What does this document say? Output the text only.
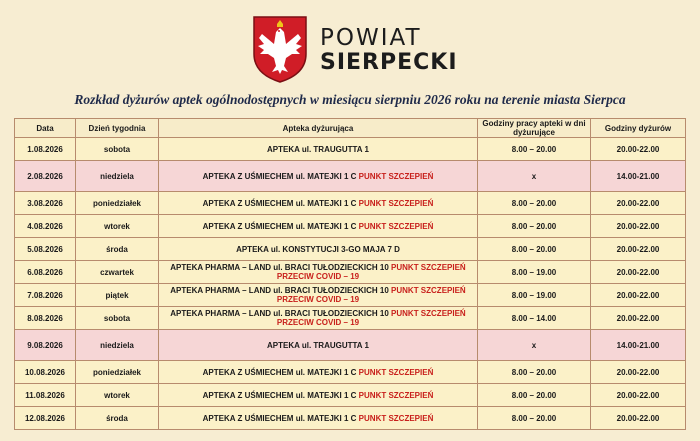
POWIAT
SIERPECKI
Rozkład dyżurów aptek ogólnodostępnych w miesiącu sierpniu 2026 roku na terenie miasta Sierpca
Data	Dzień tygodnia	Apteka dyżurująca	Godziny pracy apteki w dni dyżurujące	Godziny dyżurów
1.08.2026	sobota	APTEKA ul. TRAUGUTTA 1	8.00 – 20.00	20.00-22.00
2.08.2026	niedziela	APTEKA Z UŚMIECHEM ul. MATEJKI 1 C PUNKT SZCZEPIEŃ	x	14.00-21.00
3.08.2026	poniedziałek	APTEKA Z UŚMIECHEM ul. MATEJKI 1 C PUNKT SZCZEPIEŃ	8.00 – 20.00	20.00-22.00
4.08.2026	wtorek	APTEKA Z UŚMIECHEM ul. MATEJKI 1 C PUNKT SZCZEPIEŃ	8.00 – 20.00	20.00-22.00
5.08.2026	środa	APTEKA ul. KONSTYTUCJI 3-GO MAJA 7 D	8.00 – 20.00	20.00-22.00
6.08.2026	czwartek	APTEKA PHARMA – LAND ul. BRACI TUŁODZIECKICH 10 PUNKT SZCZEPIEŃ PRZECIW COVID – 19	8.00 – 19.00	20.00-22.00
7.08.2026	piątek	APTEKA PHARMA – LAND ul. BRACI TUŁODZIECKICH 10 PUNKT SZCZEPIEŃ PRZECIW COVID – 19	8.00 – 19.00	20.00-22.00
8.08.2026	sobota	APTEKA PHARMA – LAND ul. BRACI TUŁODZIECKICH 10 PUNKT SZCZEPIEŃ PRZECIW COVID – 19	8.00 – 14.00	20.00-22.00
9.08.2026	niedziela	APTEKA ul. TRAUGUTTA 1	x	14.00-21.00
10.08.2026	poniedziałek	APTEKA Z UŚMIECHEM ul. MATEJKI 1 C PUNKT SZCZEPIEŃ	8.00 – 20.00	20.00-22.00
11.08.2026	wtorek	APTEKA Z UŚMIECHEM ul. MATEJKI 1 C PUNKT SZCZEPIEŃ	8.00 – 20.00	20.00-22.00
12.08.2026	środa	APTEKA Z UŚMIECHEM ul. MATEJKI 1 C PUNKT SZCZEPIEŃ	8.00 – 20.00	20.00-22.00
